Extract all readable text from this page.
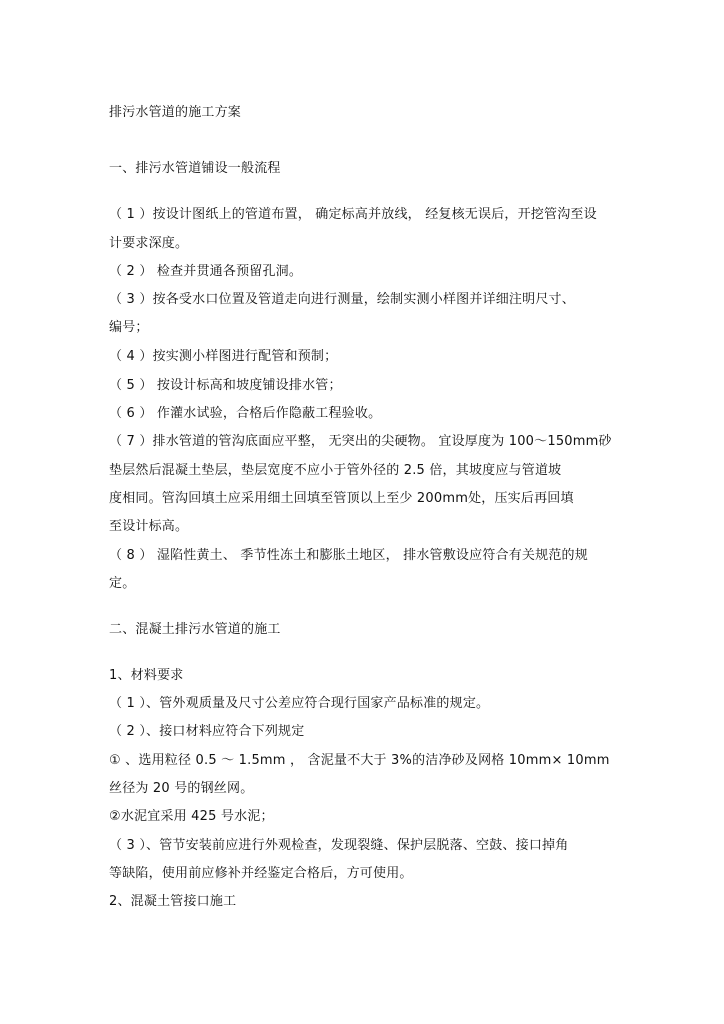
排污水管道的施工方案

一、排污水管道铺设一般流程

（ 1 ）按设计图纸上的管道布置， 确定标高并放线， 经复核无误后，开挖管沟至设

计要求深度。

（ 2 ） 检查并贯通各预留孔洞。

（ 3 ）按各受水口位置及管道走向进行测量，绘制实测小样图并详细注明尺寸、

编号；

（ 4 ）按实测小样图进行配管和预制；

（ 5 ） 按设计标高和坡度铺设排水管；

（ 6 ） 作灌水试验，合格后作隐蔽工程验收。

（ 7 ）排水管道的管沟底面应平整， 无突出的尖硬物。 宜设厚度为 100～150mm砂

垫层然后混凝土垫层，垫层宽度不应小于管外径的 2.5 倍，其坡度应与管道坡

度相同。管沟回填土应采用细土回填至管顶以上至少 200mm处，压实后再回填

至设计标高。

（ 8 ） 湿陷性黄土、 季节性冻土和膨胀土地区， 排水管敷设应符合有关规范的规

定。

二、混凝土排污水管道的施工

1、材料要求

（ 1 ）、管外观质量及尺寸公差应符合现行国家产品标准的规定。

（ 2 ）、接口材料应符合下列规定

① 、选用粒径 0.5 ～ 1.5mm ， 含泥量不大于 3%的洁净砂及网格 10mm× 10mm

丝径为 20 号的钢丝网。

②水泥宜采用 425 号水泥；

（ 3 ）、管节安装前应进行外观检查，发现裂缝、保护层脱落、空鼓、接口掉角

等缺陷，使用前应修补并经鉴定合格后，方可使用。

2、混凝土管接口施工
